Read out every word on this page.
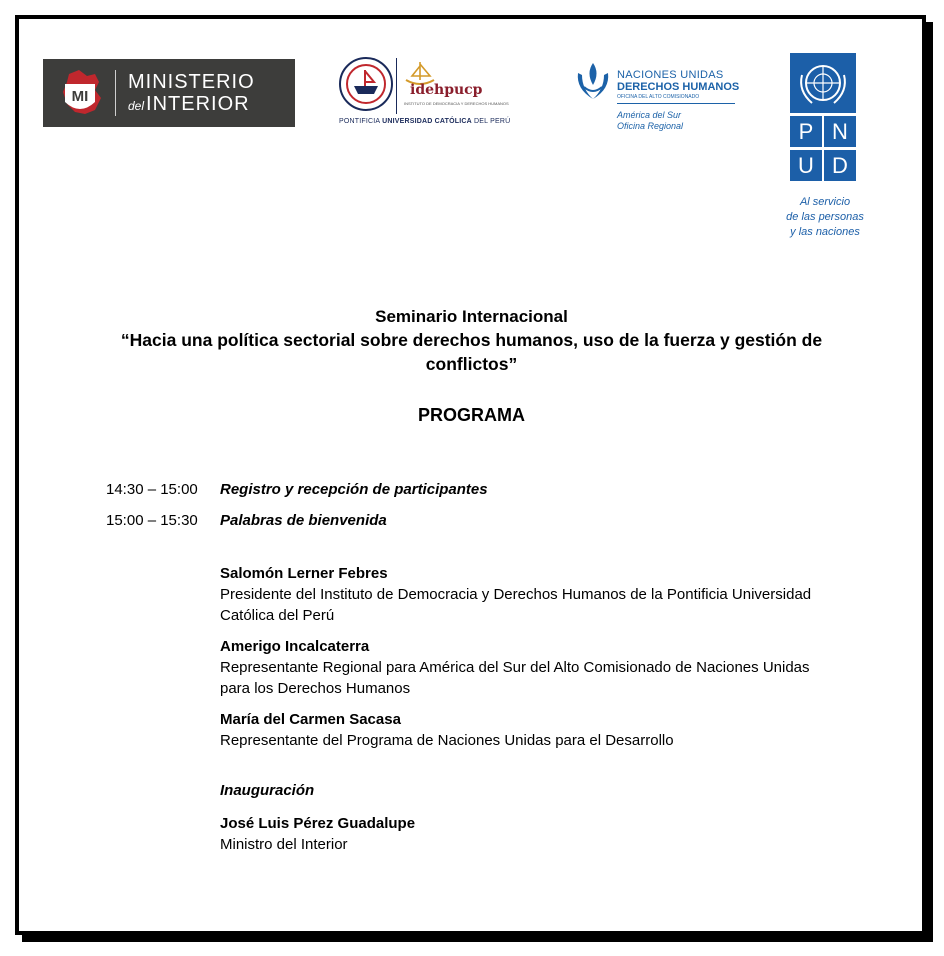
MI
MINISTERIO
del INTERIOR
idehpucp
INSTITUTO DE DEMOCRACIA Y DERECHOS HUMANOS
PONTIFICIA UNIVERSIDAD CATÓLICA DEL PERÚ
NACIONES UNIDAS
DERECHOS HUMANOS
OFICINA DEL ALTO COMISIONADO
América del Sur
Oficina Regional	P N
U D
Al servicio
de las personas
y las naciones
Seminario Internacional
“Hacia una política sectorial sobre derechos humanos, uso de la fuerza y gestión de
conflictos”
PROGRAMA
14:30 – 15:00 Registro y recepción de participantes
15:00 – 15:30 Palabras de bienvenida
Salomón Lerner Febres
Presidente del Instituto de Democracia y Derechos Humanos de la Pontificia Universidad
Católica del Perú
Amerigo Incalcaterra
Representante Regional para América del Sur del Alto Comisionado de Naciones Unidas
para los Derechos Humanos
María del Carmen Sacasa
Representante del Programa de Naciones Unidas para el Desarrollo
Inauguración
José Luis Pérez Guadalupe
Ministro del Interior
